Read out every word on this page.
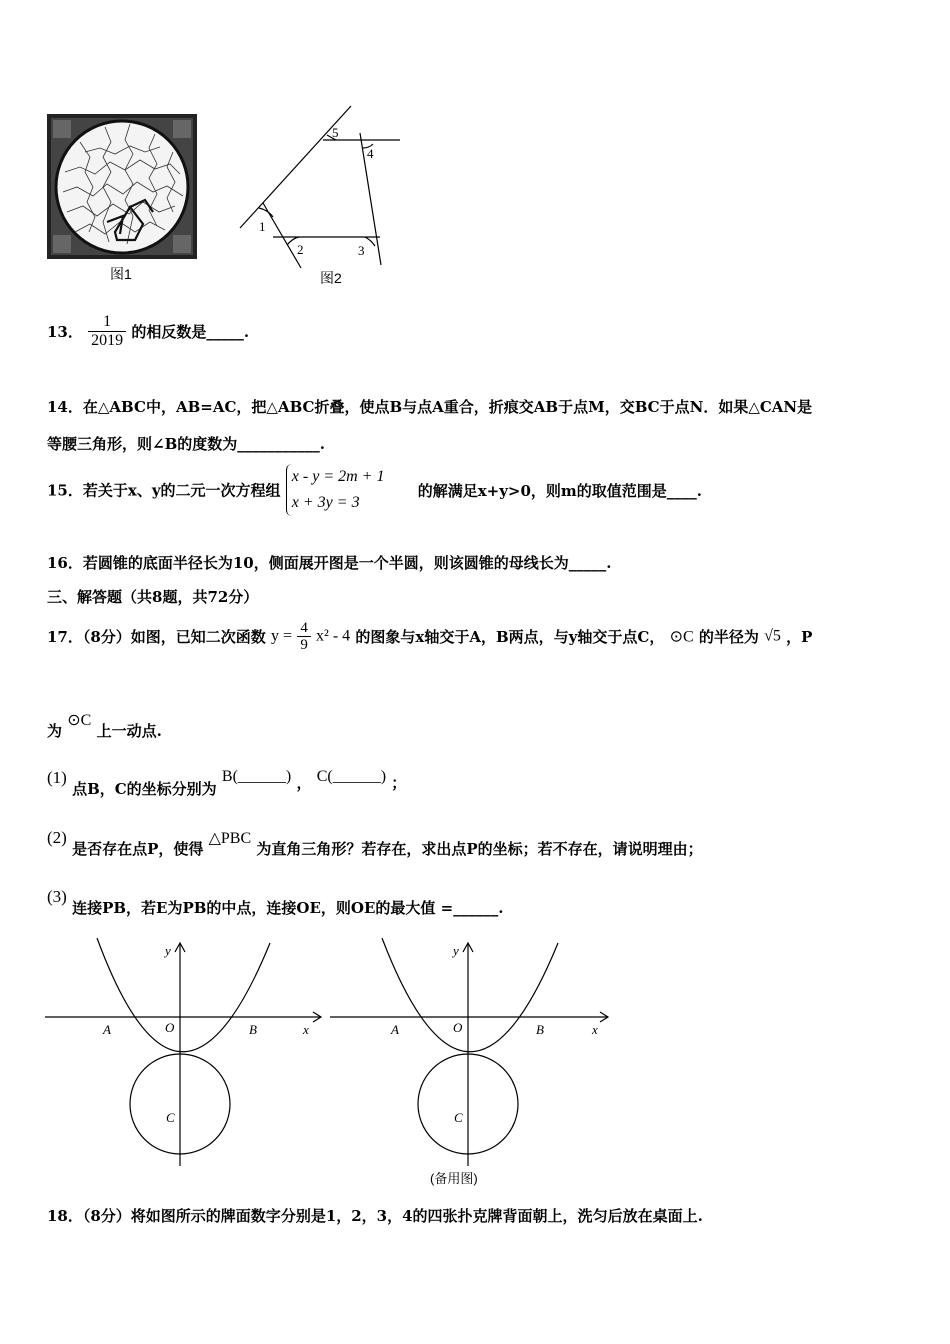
图1
1
2	3
4
5
图2
13． $\frac{1}{2019}$ 的相反数是_____.
14．在△ABC中，AB=AC，把△ABC折叠，使点B与点A重合，折痕交AB于点M，交BC于点N．如果△CAN是
等腰三角形，则∠B的度数为___________.
15．若关于x、y的二元一次方程组
x - y = 2m + 1
x + 3y = 3
的解满足x+y>0，则m的取值范围是____.
16．若圆锥的底面半径长为10，侧面展开图是一个半圆，则该圆锥的母线长为_____.
三、解答题（共8题，共72分）
17．（8分）如图，已知二次函数 $y = \frac{4}{9} x^2 - 4$ 的图象与x轴交于A，B两点，与y轴交于点C， ⊙C 的半径为 √5 ，P
为 ⊙C 上一动点.
(1) 点B，C的坐标分别为 B(______) ， C(______) ；
(2) 是否存在点P，使得 △PBC 为直角三角形？若存在，求出点P的坐标；若不存在，请说明理由；
(3) 连接PB，若E为PB的中点，连接OE，则OE的最大值 =______.
y
x
O
A	B
C
y
x
O
A	B
C
(备用图)
18．（8分）将如图所示的牌面数字分别是1，2，3，4的四张扑克牌背面朝上，洗匀后放在桌面上.
